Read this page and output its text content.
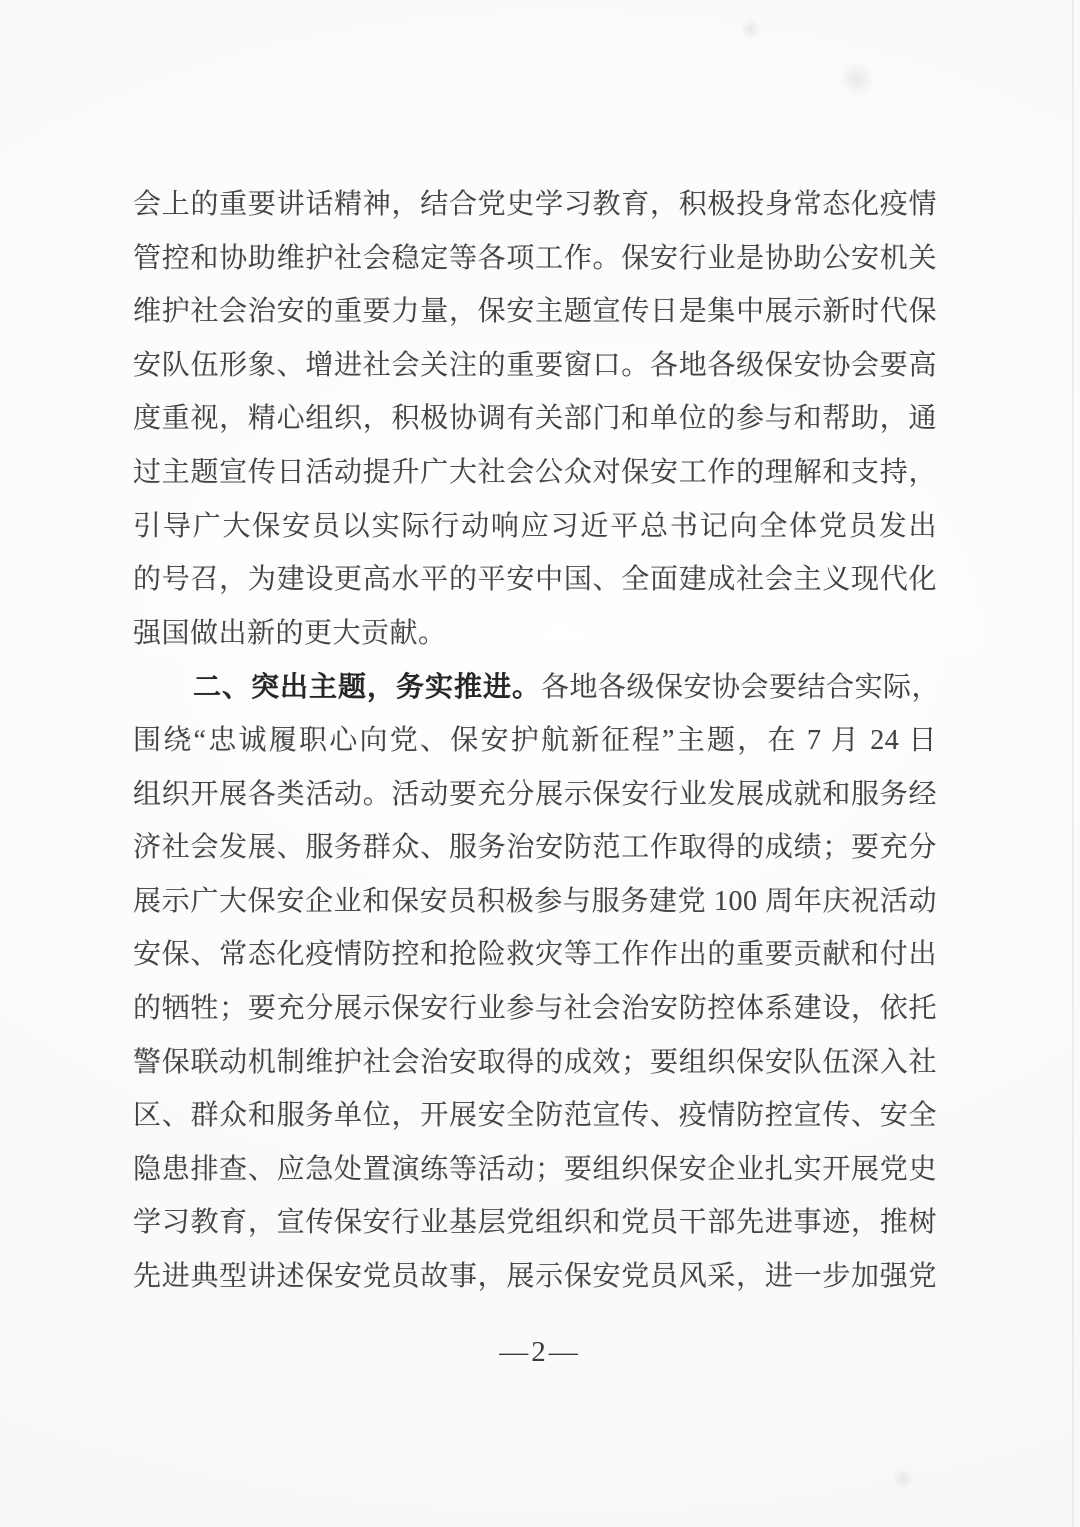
会上的重要讲话精神，结合党史学习教育，积极投身常态化疫情
管控和协助维护社会稳定等各项工作。保安行业是协助公安机关
维护社会治安的重要力量，保安主题宣传日是集中展示新时代保
安队伍形象、增进社会关注的重要窗口。各地各级保安协会要高
度重视，精心组织，积极协调有关部门和单位的参与和帮助，通
过主题宣传日活动提升广大社会公众对保安工作的理解和支持，
引导广大保安员以实际行动响应习近平总书记向全体党员发出
的号召，为建设更高水平的平安中国、全面建成社会主义现代化
强国做出新的更大贡献。
二、突出主题，务实推进。各地各级保安协会要结合实际，
围绕“忠诚履职心向党、保安护航新征程”主题，在 7 月 24 日
组织开展各类活动。活动要充分展示保安行业发展成就和服务经
济社会发展、服务群众、服务治安防范工作取得的成绩；要充分
展示广大保安企业和保安员积极参与服务建党 100 周年庆祝活动
安保、常态化疫情防控和抢险救灾等工作作出的重要贡献和付出
的牺牲；要充分展示保安行业参与社会治安防控体系建设，依托
警保联动机制维护社会治安取得的成效；要组织保安队伍深入社
区、群众和服务单位，开展安全防范宣传、疫情防控宣传、安全
隐患排查、应急处置演练等活动；要组织保安企业扎实开展党史
学习教育，宣传保安行业基层党组织和党员干部先进事迹，推树
先进典型讲述保安党员故事，展示保安党员风采，进一步加强党
—2—
